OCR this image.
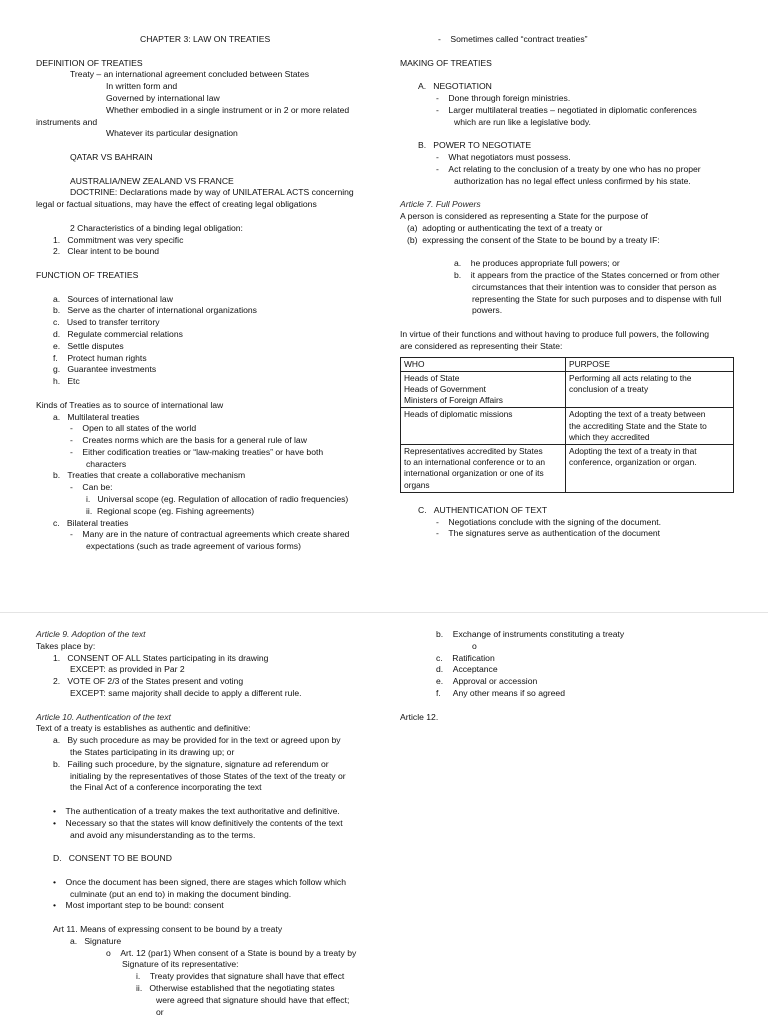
CHAPTER 3: LAW ON TREATIES
DEFINITION OF TREATIES
Treaty – an international agreement concluded between States
In written form and
Governed by international law
Whether embodied in a single instrument or in 2 or more related
instruments and
Whatever its particular designation
QATAR VS BAHRAIN
AUSTRALIA/NEW ZEALAND VS FRANCE
DOCTRINE: Declarations made by way of UNILATERAL ACTS concerning
legal or factual situations, may have the effect of creating legal obligations
2 Characteristics of a binding legal obligation:
1.   Commitment was very specific
2.   Clear intent to be bound
FUNCTION OF TREATIES
a.   Sources of international law
b.   Serve as the charter of international organizations
c.   Used to transfer territory
d.   Regulate commercial relations
e.   Settle disputes
f.    Protect human rights
g.   Guarantee investments
h.   Etc
Kinds of Treaties as to source of international law
a.   Multilateral treaties
-    Open to all states of the world
-    Creates norms which are the basis for a general rule of law
-    Either codification treaties or “law-making treaties” or have both
characters
b.   Treaties that create a collaborative mechanism
-    Can be:
i.   Universal scope (eg. Regulation of allocation of radio frequencies)
ii.  Regional scope (eg. Fishing agreements)
c.   Bilateral treaties
-    Many are in the nature of contractual agreements which create shared
expectations (such as trade agreement of various forms)
-    Sometimes called “contract treaties”
MAKING OF TREATIES
A.   NEGOTIATION
-    Done through foreign ministries.
-    Larger multilateral treaties – negotiated in diplomatic conferences
which are run like a legislative body.
B.   POWER TO NEGOTIATE
-    What negotiators must possess.
-    Act relating to the conclusion of a treaty by one who has no proper
authorization has no legal effect unless confirmed by his state.
Article 7. Full Powers
A person is considered as representing a State for the purpose of
(a)  adopting or authenticating the text of a treaty or
(b)  expressing the consent of the State to be bound by a treaty IF:
a.    he produces appropriate full powers; or
b.    it appears from the practice of the States concerned or from other
circumstances that their intention was to consider that person as
representing the State for such purposes and to dispense with full
powers.
In virtue of their functions and without having to produce full powers, the following
are considered as representing their State:
WHO	PURPOSE
Heads of State
Heads of Government
Ministers of Foreign Affairs	Performing all acts relating to the
conclusion of a treaty
Heads of diplomatic missions	Adopting the text of a treaty between
the accrediting State and the State to
which they accredited
Representatives accredited by States
to an international conference or to an
international organization or one of its
organs	Adopting the text of a treaty in that
conference, organization or organ.
C.   AUTHENTICATION OF TEXT
-    Negotiations conclude with the signing of the document.
-    The signatures serve as authentication of the document
Article 9. Adoption of the text
Takes place by:
1.   CONSENT OF ALL States participating in its drawing
EXCEPT: as provided in Par 2
2.   VOTE OF 2/3 of the States present and voting
EXCEPT: same majority shall decide to apply a different rule.
Article 10. Authentication of the text
Text of a treaty is establishes as authentic and definitive:
a.   By such procedure as may be provided for in the text or agreed upon by
the States participating in its drawing up; or
b.   Failing such procedure, by the signature, signature ad referendum or
initialing by the representatives of those States of the text of the treaty or
the Final Act of a conference incorporating the text
•    The authentication of a treaty makes the text authoritative and definitive.
•    Necessary so that the states will know definitively the contents of the text
and avoid any misunderstanding as to the terms.
D.   CONSENT TO BE BOUND
•    Once the document has been signed, there are stages which follow which
culminate (put an end to) in making the document binding.
•    Most important step to be bound: consent
Art 11. Means of expressing consent to be bound by a treaty
a.   Signature
o    Art. 12 (par1) When consent of a State is bound by a treaty by
Signature of its representative:
i.    Treaty provides that signature shall have that effect
ii.   Otherwise established that the negotiating states
were agreed that signature should have that effect;
or
b.    Exchange of instruments constituting a treaty
o
c.    Ratification
d.    Acceptance
e.    Approval or accession
f.     Any other means if so agreed
Article 12.
